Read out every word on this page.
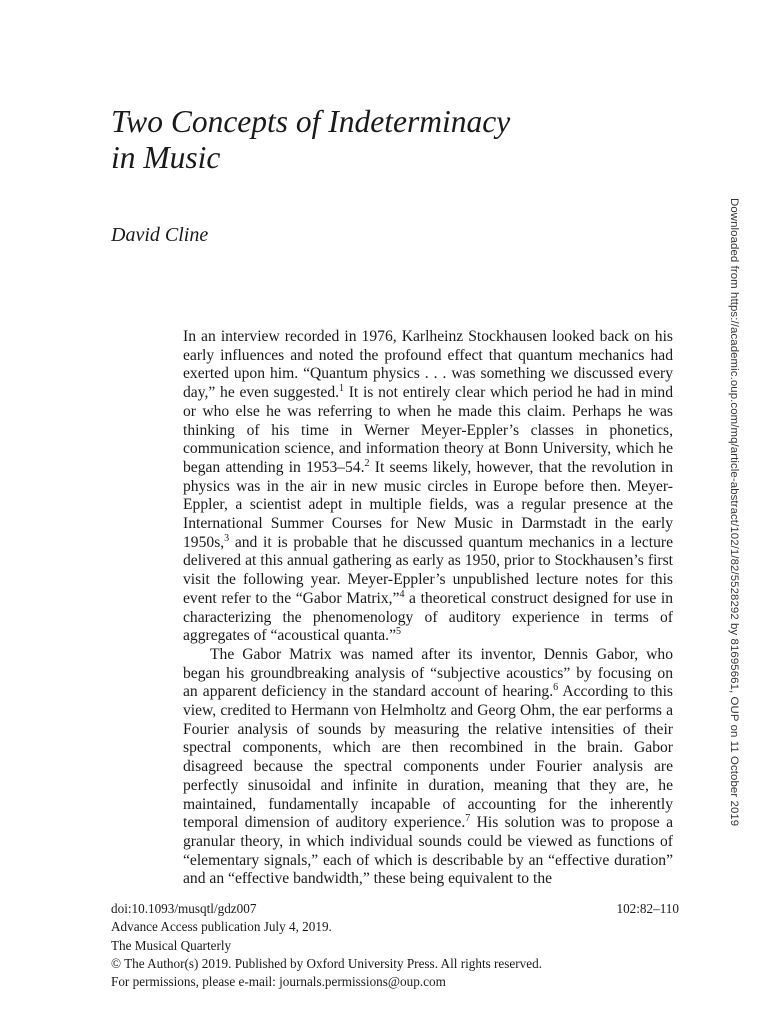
Two Concepts of Indeterminacy
in Music
David Cline

In an interview recorded in 1976, Karlheinz Stockhausen looked back on his early influences and noted the profound effect that quantum mechanics had exerted upon him. “Quantum physics . . . was something we discussed every day,” he even suggested.$^1$ It is not entirely clear which period he had in mind or who else he was referring to when he made this claim. Perhaps he was thinking of his time in Werner Meyer-Eppler’s classes in phonetics, communication science, and information theory at Bonn University, which he began attending in 1953–54.$^2$ It seems likely, however, that the revolution in physics was in the air in new music circles in Europe before then. Meyer-Eppler, a scientist adept in multiple fields, was a regular presence at the International Summer Courses for New Music in Darmstadt in the early 1950s,$^3$ and it is probable that he discussed quantum mechanics in a lecture delivered at this annual gathering as early as 1950, prior to Stockhausen’s first visit the following year. Meyer-Eppler’s unpublished lecture notes for this event refer to the “Gabor Matrix,”$^4$ a theoretical construct designed for use in characterizing the phenomenology of auditory experience in terms of aggregates of “acoustical quanta.”$^5$

The Gabor Matrix was named after its inventor, Dennis Gabor, who began his groundbreaking analysis of “subjective acoustics” by focusing on an apparent deficiency in the standard account of hearing.$^6$ According to this view, credited to Hermann von Helmholtz and Georg Ohm, the ear performs a Fourier analysis of sounds by measuring the relative intensities of their spectral components, which are then recombined in the brain. Gabor disagreed because the spectral components under Fourier analysis are perfectly sinusoidal and infinite in duration, meaning that they are, he maintained, fundamentally incapable of accounting for the inherently temporal dimension of auditory experience.$^7$ His solution was to propose a granular theory, in which individual sounds could be viewed as functions of “elementary signals,” each of which is describable by an “effective duration” and an “effective bandwidth,” these being equivalent to the

Downloaded from https://academic.oup.com/mq/article-abstract/102/1/82/5528292 by 81695661, OUP on 11 October 2019
doi:10.1093/musqtl/gdz007	102:82–110
Advance Access publication July 4, 2019.
The Musical Quarterly
© The Author(s) 2019. Published by Oxford University Press. All rights reserved.
For permissions, please e-mail: journals.permissions@oup.com
